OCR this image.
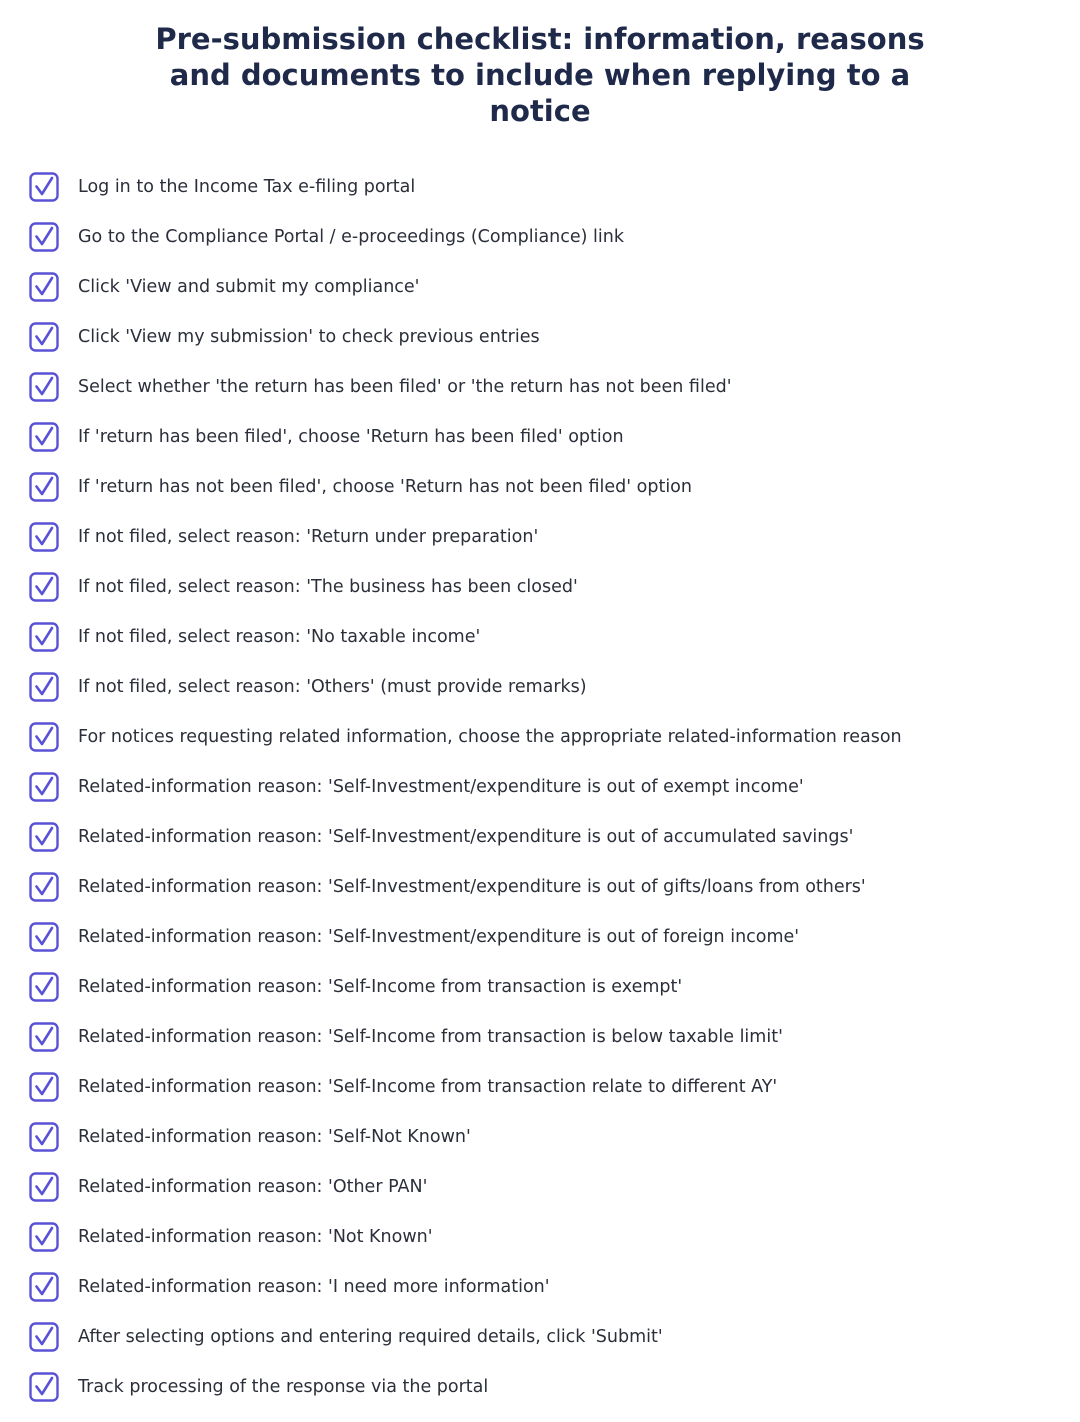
Pre-submission checklist: information, reasons
and documents to include when replying to a
notice
Log in to the Income Tax e-filing portal
Go to the Compliance Portal / e-proceedings (Compliance) link
Click 'View and submit my compliance'
Click 'View my submission' to check previous entries
Select whether 'the return has been filed' or 'the return has not been filed'
If 'return has been filed', choose 'Return has been filed' option
If 'return has not been filed', choose 'Return has not been filed' option
If not filed, select reason: 'Return under preparation'
If not filed, select reason: 'The business has been closed'
If not filed, select reason: 'No taxable income'
If not filed, select reason: 'Others' (must provide remarks)
For notices requesting related information, choose the appropriate related-information reason
Related-information reason: 'Self-Investment/expenditure is out of exempt income'
Related-information reason: 'Self-Investment/expenditure is out of accumulated savings'
Related-information reason: 'Self-Investment/expenditure is out of gifts/loans from others'
Related-information reason: 'Self-Investment/expenditure is out of foreign income'
Related-information reason: 'Self-Income from transaction is exempt'
Related-information reason: 'Self-Income from transaction is below taxable limit'
Related-information reason: 'Self-Income from transaction relate to different AY'
Related-information reason: 'Self-Not Known'
Related-information reason: 'Other PAN'
Related-information reason: 'Not Known'
Related-information reason: 'I need more information'
After selecting options and entering required details, click 'Submit'
Track processing of the response via the portal
